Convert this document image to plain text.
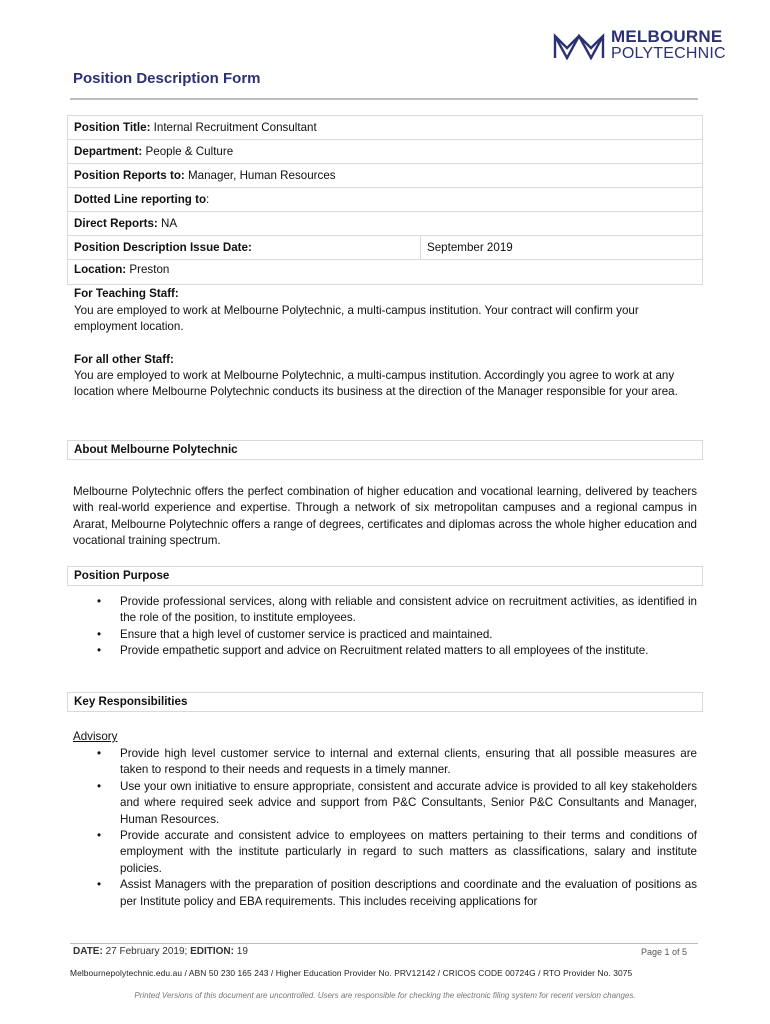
MELBOURNE
POLYTECHNIC
Position Description Form
Position Title: Internal Recruitment Consultant
Department: People & Culture
Position Reports to: Manager, Human Resources
Dotted Line reporting to:
Direct Reports: NA
Position Description Issue Date:	September 2019
Location: Preston
For Teaching Staff:
You are employed to work at Melbourne Polytechnic, a multi-campus institution. Your contract will confirm your employment location.
For all other Staff:
You are employed to work at Melbourne Polytechnic, a multi-campus institution. Accordingly you agree to work at any location where Melbourne Polytechnic conducts its business at the direction of the Manager responsible for your area.
About Melbourne Polytechnic
Melbourne Polytechnic offers the perfect combination of higher education and vocational learning, delivered by teachers with real-world experience and expertise. Through a network of six metropolitan campuses and a regional campus in Ararat, Melbourne Polytechnic offers a range of degrees, certificates and diplomas across the whole higher education and vocational training spectrum.
Position Purpose
• Provide professional services, along with reliable and consistent advice on recruitment activities, as identified in the role of the position, to institute employees.
• Ensure that a high level of customer service is practiced and maintained.
• Provide empathetic support and advice on Recruitment related matters to all employees of the institute.
Key Responsibilities
Advisory
• Provide high level customer service to internal and external clients, ensuring that all possible measures are taken to respond to their needs and requests in a timely manner.
• Use your own initiative to ensure appropriate, consistent and accurate advice is provided to all key stakeholders and where required seek advice and support from P&C Consultants, Senior P&C Consultants and Manager, Human Resources.
• Provide accurate and consistent advice to employees on matters pertaining to their terms and conditions of employment with the institute particularly in regard to such matters as classifications, salary and institute policies.
• Assist Managers with the preparation of position descriptions and coordinate and the evaluation of positions as per Institute policy and EBA requirements. This includes receiving applications for
DATE: 27 February 2019; EDITION: 19	Page 1 of 5
Melbournepolytechnic.edu.au / ABN 50 230 165 243 / Higher Education Provider No. PRV12142 / CRICOS CODE 00724G / RTO Provider No. 3075
Printed Versions of this document are uncontrolled. Users are responsible for checking the electronic filing system for recent version changes.
